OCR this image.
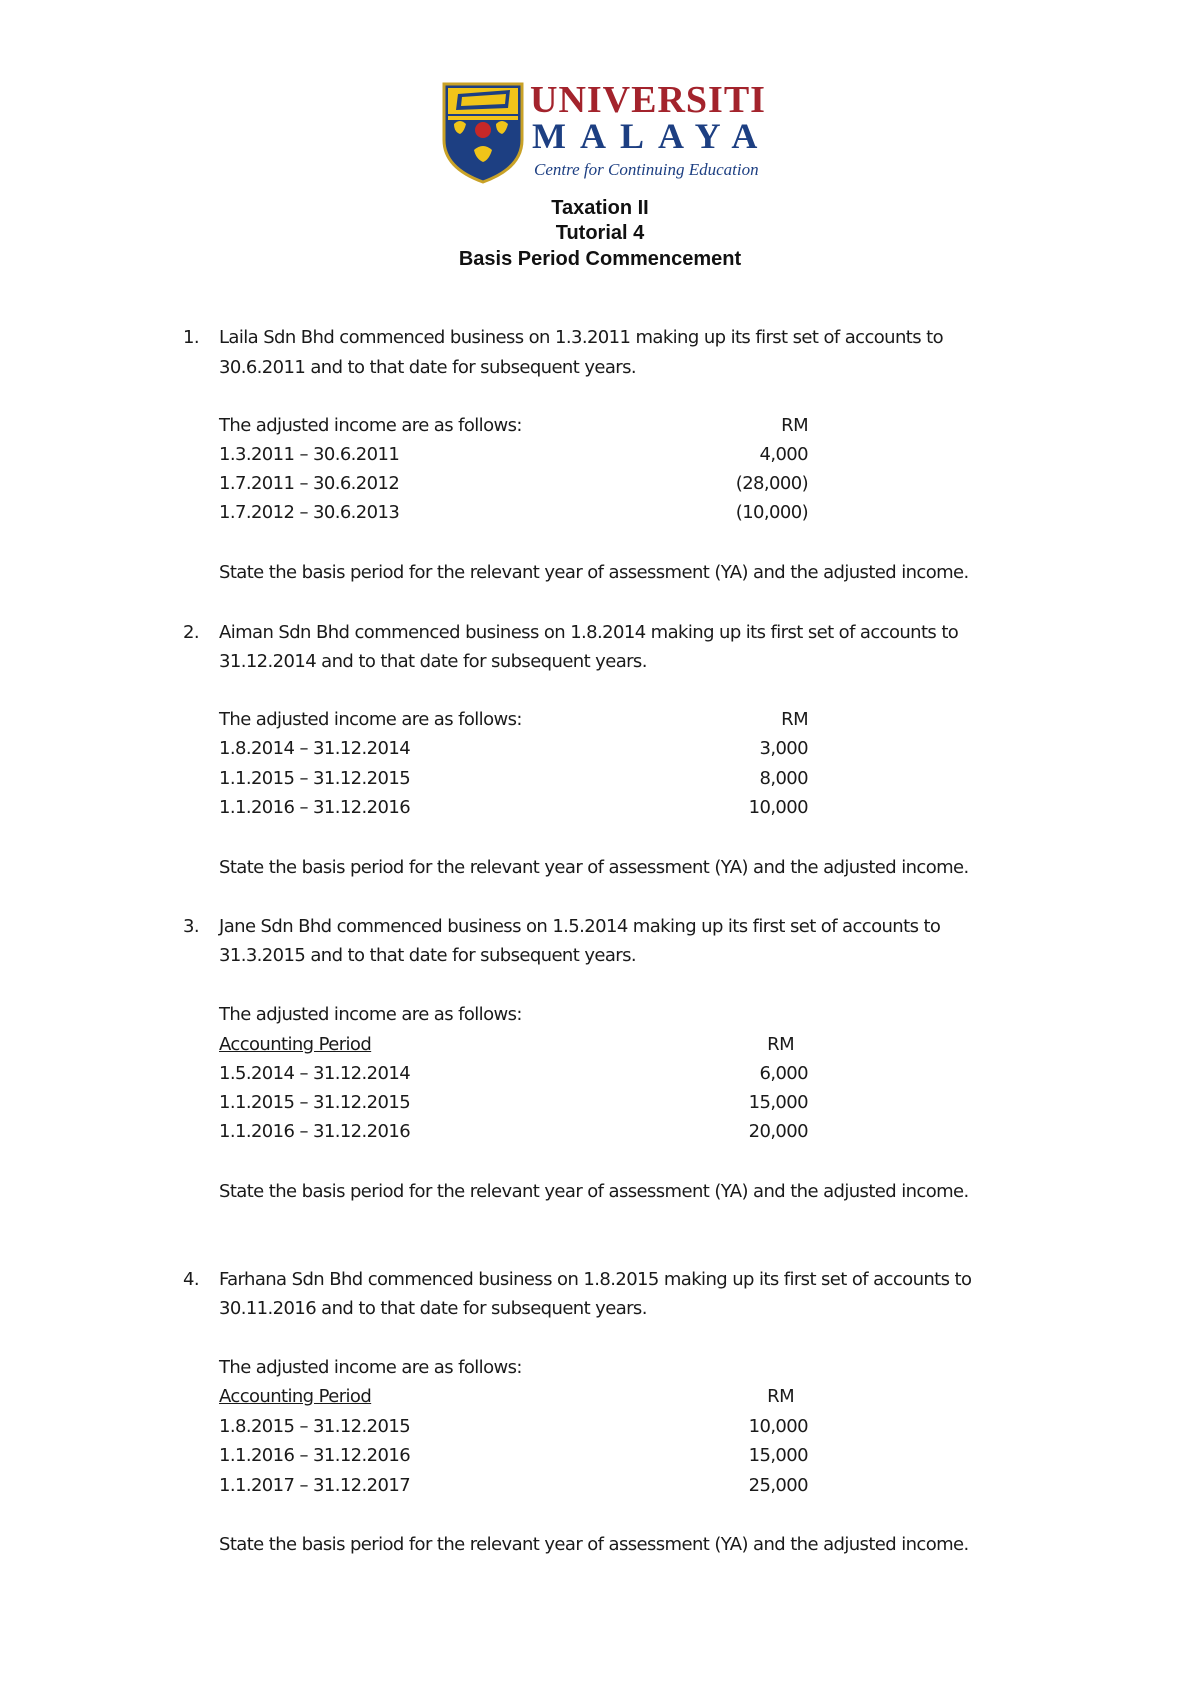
UNIVERSITI
MALAYA
Centre for Continuing Education
Taxation II
Tutorial 4
Basis Period Commencement
1. Laila Sdn Bhd commenced business on 1.3.2011 making up its first set of accounts to
30.6.2011 and to that date for subsequent years.
The adjusted income are as follows:	RM
1.3.2011 – 30.6.2011	4,000
1.7.2011 – 30.6.2012	(28,000)
1.7.2012 – 30.6.2013	(10,000)
State the basis period for the relevant year of assessment (YA) and the adjusted income.
2. Aiman Sdn Bhd commenced business on 1.8.2014 making up its first set of accounts to
31.12.2014 and to that date for subsequent years.
The adjusted income are as follows:	RM
1.8.2014 – 31.12.2014	3,000
1.1.2015 – 31.12.2015	8,000
1.1.2016 – 31.12.2016	10,000
State the basis period for the relevant year of assessment (YA) and the adjusted income.
3. Jane Sdn Bhd commenced business on 1.5.2014 making up its first set of accounts to
31.3.2015 and to that date for subsequent years.
The adjusted income are as follows:
Accounting Period	RM
1.5.2014 – 31.12.2014	6,000
1.1.2015 – 31.12.2015	15,000
1.1.2016 – 31.12.2016	20,000
State the basis period for the relevant year of assessment (YA) and the adjusted income.
4. Farhana Sdn Bhd commenced business on 1.8.2015 making up its first set of accounts to
30.11.2016 and to that date for subsequent years.
The adjusted income are as follows:
Accounting Period	RM
1.8.2015 – 31.12.2015	10,000
1.1.2016 – 31.12.2016	15,000
1.1.2017 – 31.12.2017	25,000
State the basis period for the relevant year of assessment (YA) and the adjusted income.
